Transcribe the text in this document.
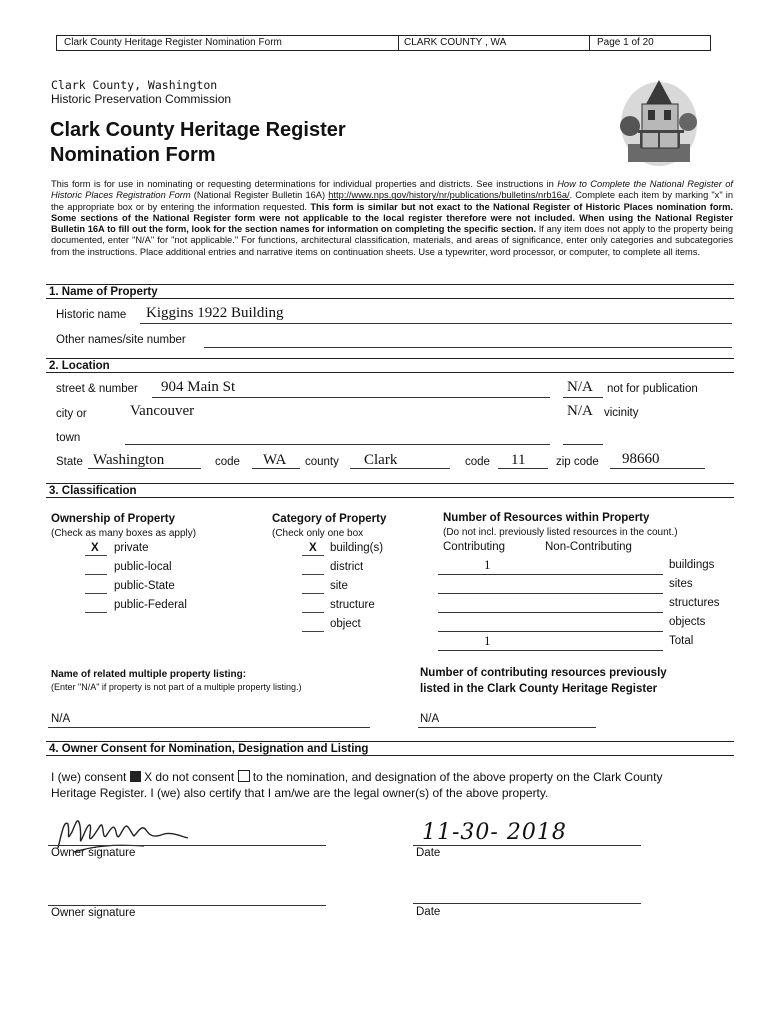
Clark County Heritage Register Nomination Form	CLARK COUNTY , WA	Page 1 of 20
Clark County, Washington
Historic Preservation Commission
Clark County Heritage Register
Nomination Form
This form is for use in nominating or requesting determinations for individual properties and districts. See instructions in How to Complete the National Register of Historic Places Registration Form (National Register Bulletin 16A) http://www.nps.gov/history/nr/publications/bulletins/nrb16a/. Complete each item by marking "x" in the appropriate box or by entering the information requested. This form is similar but not exact to the National Register of Historic Places nomination form. Some sections of the National Register form were not applicable to the local register therefore were not included. When using the National Register Bulletin 16A to fill out the form, look for the section names for information on completing the specific section. If any item does not apply to the property being documented, enter "N/A" for "not applicable." For functions, architectural classification, materials, and areas of significance, enter only categories and subcategories from the instructions. Place additional entries and narrative items on continuation sheets. Use a typewriter, word processor, or computer, to complete all items.
1. Name of Property
Historic name Kiggins 1922 Building
Other names/site number
2. Location
street & number 904 Main St	N/A not for publication
city or	Vancouver	N/A vicinity
town
State Washington	code WA county Clark	code 11	zip code 98660
3. Classification
Ownership of Property
(Check as many boxes as apply)
X private
public-local
public-State
public-Federal
Category of Property
(Check only one box
X building(s)
district
site
structure
object
Number of Resources within Property
(Do not incl. previously listed resources in the count.)
Contributing	Non-Contributing
1	buildings
sites
structures
objects
1	Total
Name of related multiple property listing:
(Enter "N/A" if property is not part of a multiple property listing.)
N/A
Number of contributing resources previously
listed in the Clark County Heritage Register
N/A
4. Owner Consent for Nomination, Designation and Listing
I (we) consent X do not consent to the nomination, and designation of the above property on the Clark County
Heritage Register. I (we) also certify that I am/we are the legal owner(s) of the above property.
Owner signature
11-30- 2018
Date
Owner signature	Date
